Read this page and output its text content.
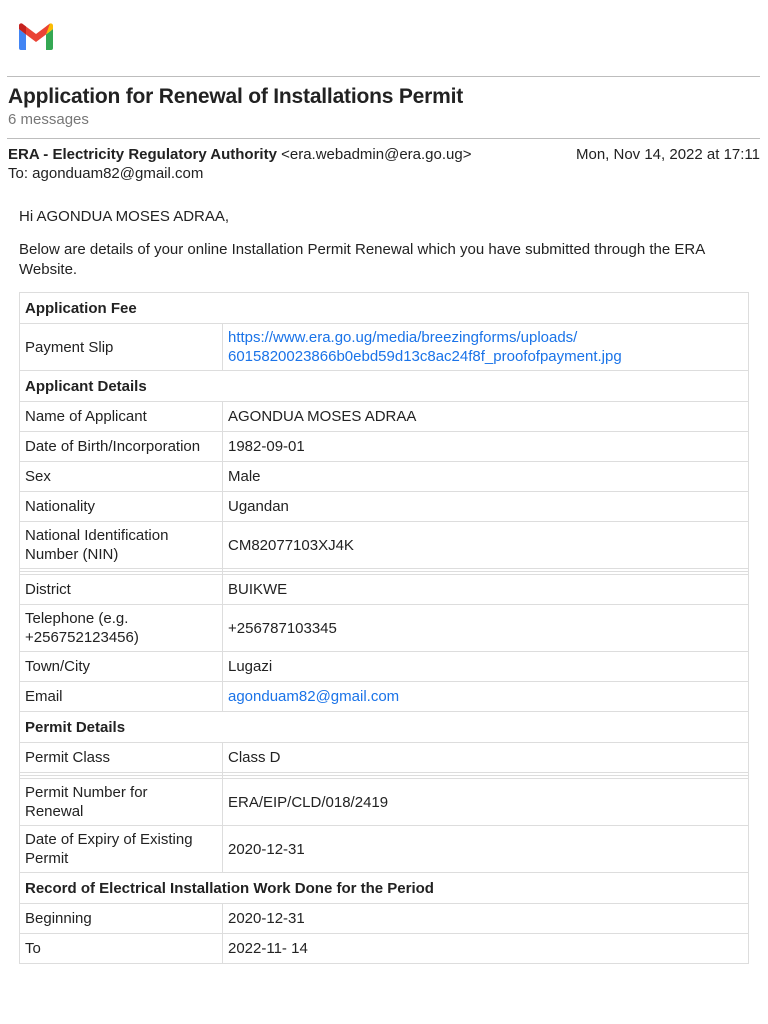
Application for Renewal of Installations Permit
6 messages
ERA - Electricity Regulatory Authority <era.webadmin@era.go.ug>	Mon, Nov 14, 2022 at 17:11
To: agonduam82@gmail.com
Hi AGONDUA MOSES ADRAA,
Below are details of your online Installation Permit Renewal which you have submitted through the ERA Website.
Application Fee	
Payment Slip	https://www.era.go.ug/media/breezingforms/uploads/
6015820023866b0ebd59d13c8ac24f8f_proofofpayment.jpg
Applicant Details	
Name of Applicant	AGONDUA MOSES ADRAA
Date of Birth/Incorporation	1982-09-01
Sex	Male
Nationality	Ugandan
National Identification
Number (NIN)	CM82077103XJ4K

District	BUIKWE
Telephone (e.g.
+256752123456)	+256787103345
Town/City	Lugazi
Email	agonduam82@gmail.com
Permit Details	
Permit Class	Class D

Permit Number for
Renewal	ERA/EIP/CLD/018/2419
Date of Expiry of Existing
Permit	2020-12-31
Record of Electrical Installation Work Done for the Period	
Beginning	2020-12-31
To	2022-11- 14
